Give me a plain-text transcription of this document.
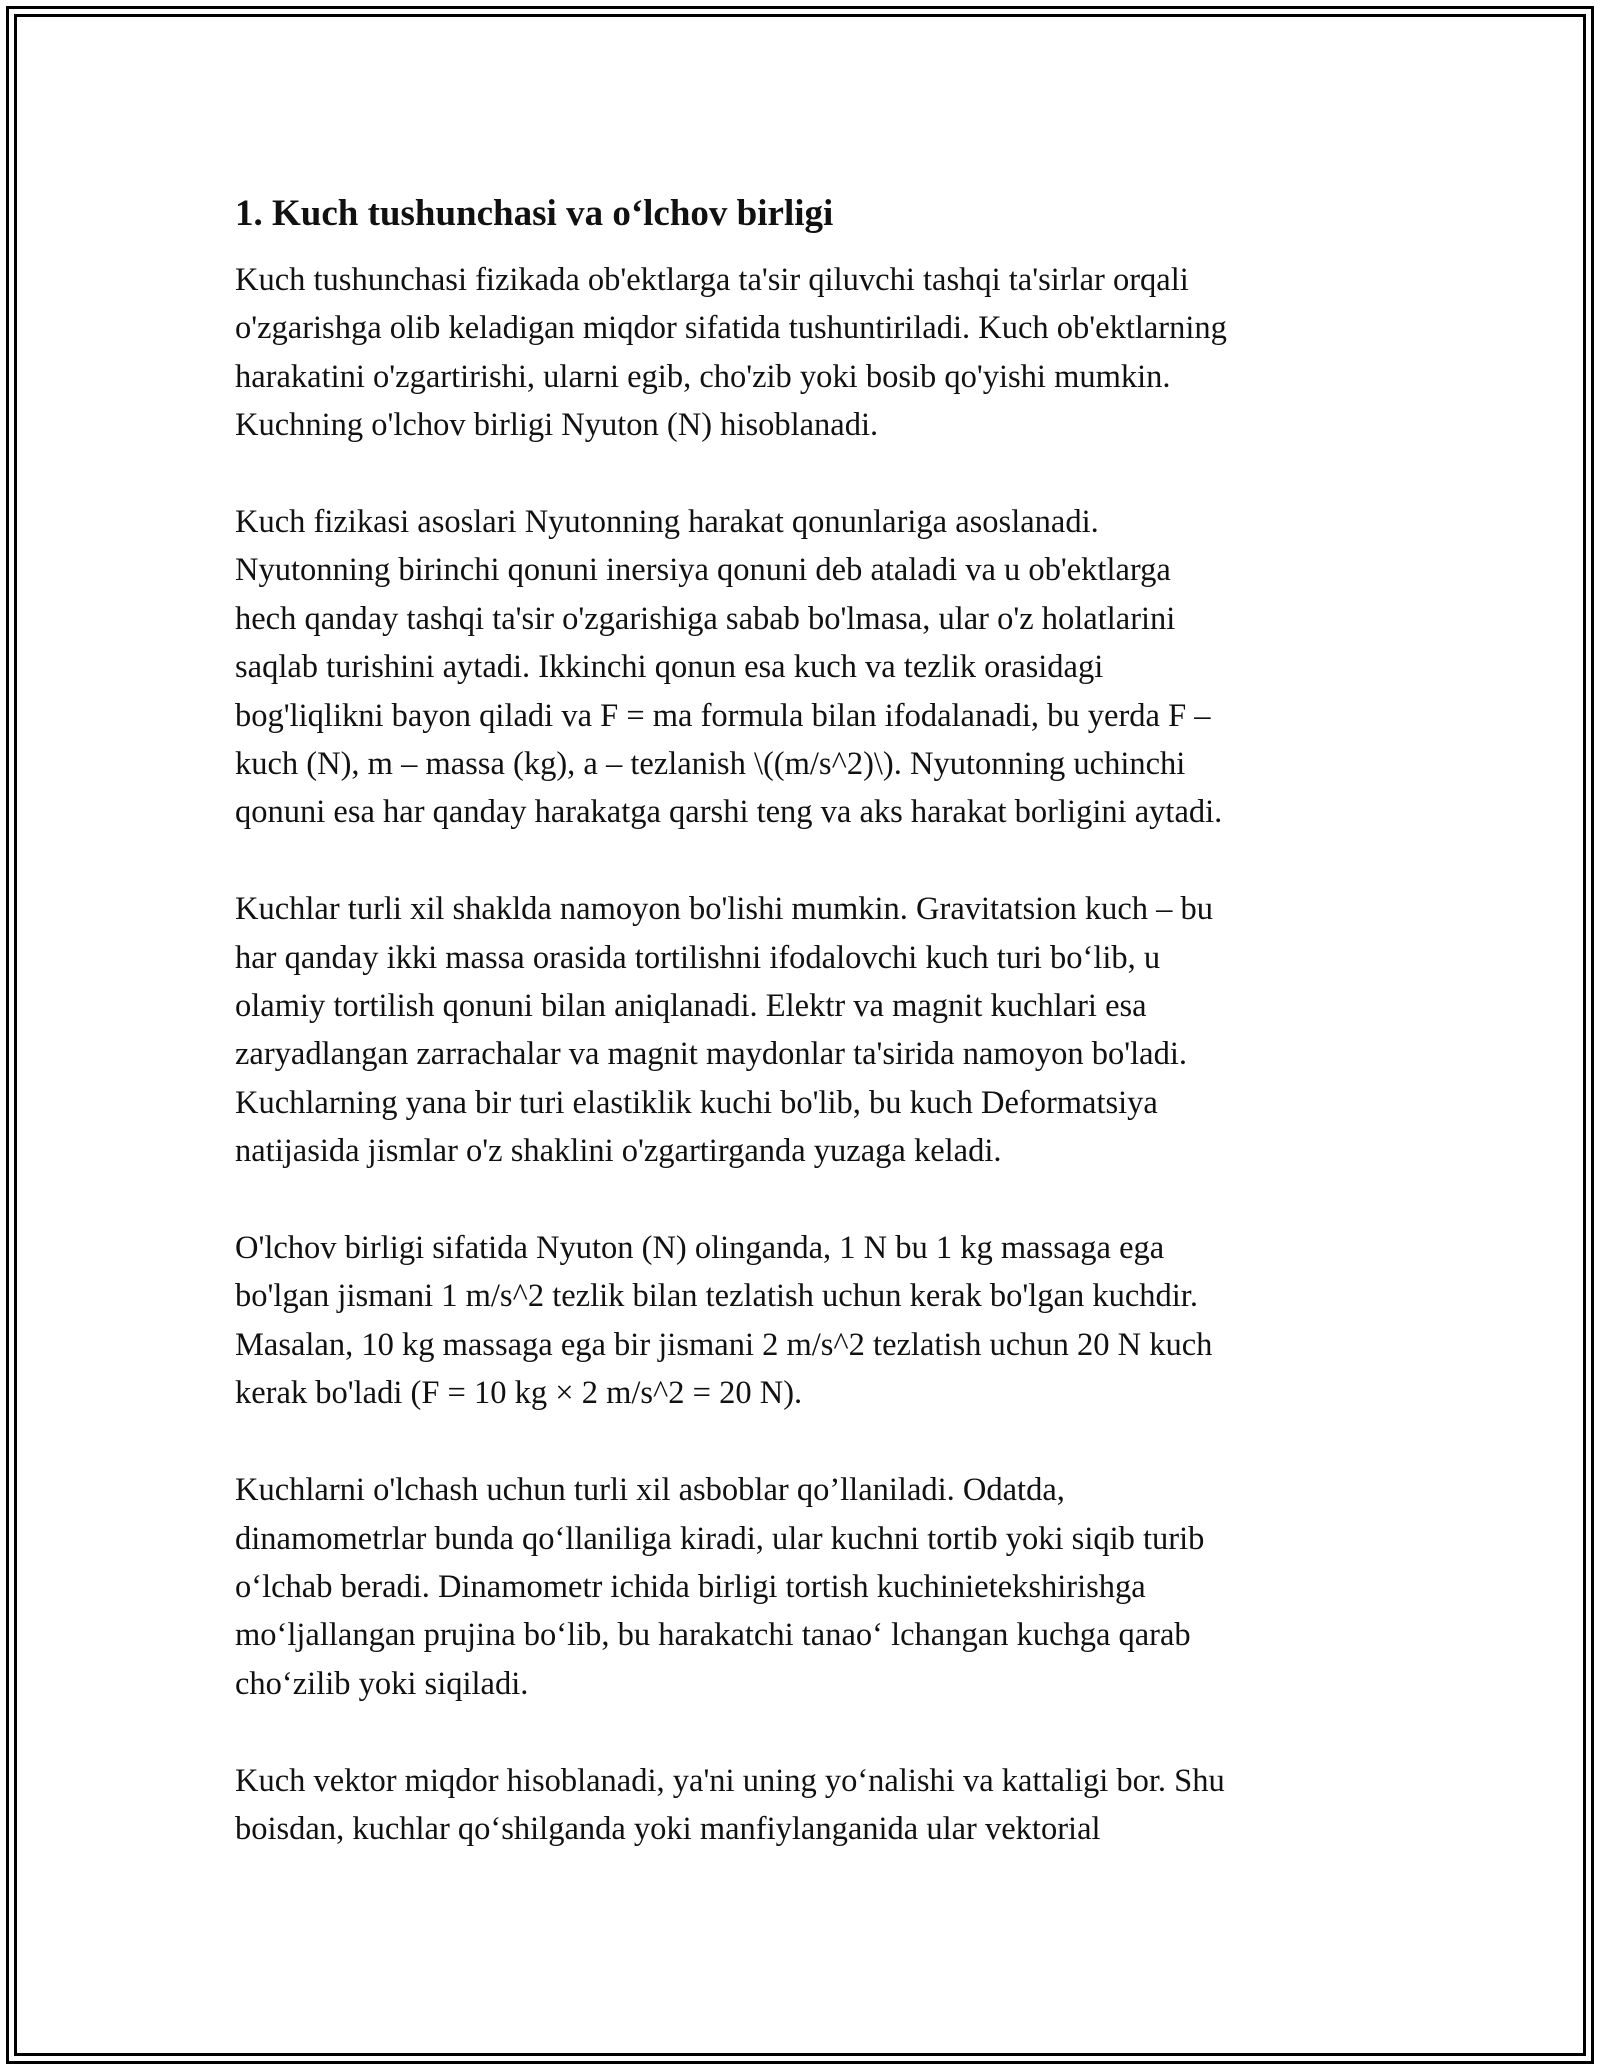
1. Kuch tushunchasi va o‘lchov birligi
Kuch tushunchasi fizikada ob'ektlarga ta'sir qiluvchi tashqi ta'sirlar orqali
o'zgarishga olib keladigan miqdor sifatida tushuntiriladi. Kuch ob'ektlarning
harakatini o'zgartirishi, ularni egib, cho'zib yoki bosib qo'yishi mumkin.
Kuchning o'lchov birligi Nyuton (N) hisoblanadi.
Kuch fizikasi asoslari Nyutonning harakat qonunlariga asoslanadi.
Nyutonning birinchi qonuni inersiya qonuni deb ataladi va u ob'ektlarga
hech qanday tashqi ta'sir o'zgarishiga sabab bo'lmasa, ular o'z holatlarini
saqlab turishini aytadi. Ikkinchi qonun esa kuch va tezlik orasidagi
bog'liqlikni bayon qiladi va F = ma formula bilan ifodalanadi, bu yerda F –
kuch (N), m – massa (kg), a – tezlanish \((m/s^2)\). Nyutonning uchinchi
qonuni esa har qanday harakatga qarshi teng va aks harakat borligini aytadi.
Kuchlar turli xil shaklda namoyon bo'lishi mumkin. Gravitatsion kuch – bu
har qanday ikki massa orasida tortilishni ifodalovchi kuch turi bo‘lib, u
olamiy tortilish qonuni bilan aniqlanadi. Elektr va magnit kuchlari esa
zaryadlangan zarrachalar va magnit maydonlar ta'sirida namoyon bo'ladi.
Kuchlarning yana bir turi elastiklik kuchi bo'lib, bu kuch Deformatsiya
natijasida jismlar o'z shaklini o'zgartirganda yuzaga keladi.
O'lchov birligi sifatida Nyuton (N) olinganda, 1 N bu 1 kg massaga ega
bo'lgan jismani 1 m/s^2 tezlik bilan tezlatish uchun kerak bo'lgan kuchdir.
Masalan, 10 kg massaga ega bir jismani 2 m/s^2 tezlatish uchun 20 N kuch
kerak bo'ladi (F = 10 kg × 2 m/s^2 = 20 N).
Kuchlarni o'lchash uchun turli xil asboblar qo’llaniladi. Odatda,
dinamometrlar bunda qo‘llaniligа kiradi, ular kuchni tortib yoki siqib turib
o‘lchab beradi. Dinamometr ichida birligi tortish kuchinietekshirishga
mo‘ljallangan prujina bo‘lib, bu harakatchi tanao‘ lchangan kuchga qarab
cho‘zilib yoki siqiladi.
Kuch vektor miqdor hisoblanadi, ya'ni uning yo‘nalishi va kattaligi bor. Shu
boisdan, kuchlar qo‘shilganda yoki manfiylanganida ular vektorial
